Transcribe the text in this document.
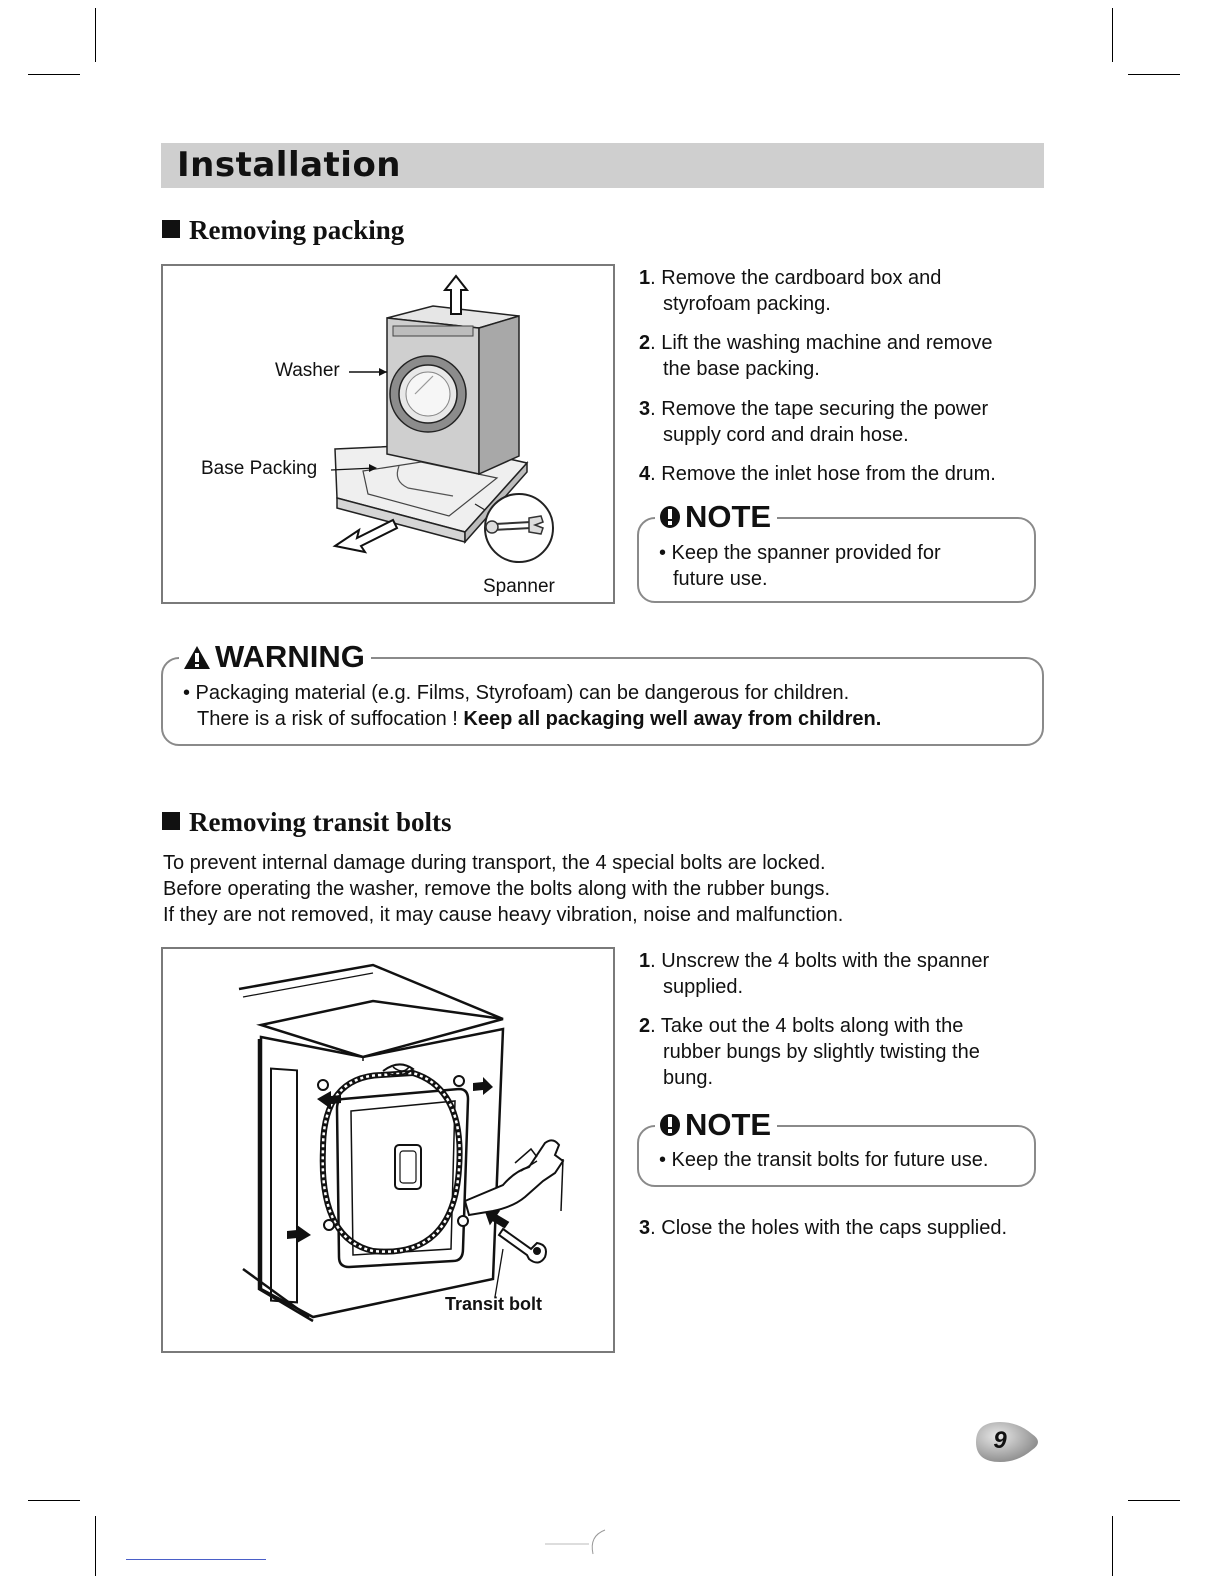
Installation
Removing packing
Washer
Base Packing
Spanner
1. Remove the cardboard box and
styrofoam packing.
2. Lift the washing machine and remove
the base packing.
3. Remove the tape securing the power
supply cord and drain hose.
4. Remove the inlet hose from the drum.
NOTE
• Keep the spanner provided for
future use.
WARNING
• Packaging material (e.g. Films, Styrofoam) can be dangerous for children.
There is a risk of suffocation ! Keep all packaging well away from children.
Removing transit bolts
To prevent internal damage during transport, the 4 special bolts are locked.
Before operating the washer, remove the bolts along with the rubber bungs.
If they are not removed, it may cause heavy vibration, noise and malfunction.
Transit bolt
1. Unscrew the 4 bolts with the spanner
supplied.
2. Take out the 4 bolts along with the
rubber bungs by slightly twisting the
bung.
NOTE
• Keep the transit bolts for future use.
3. Close the holes with the caps supplied.
9
